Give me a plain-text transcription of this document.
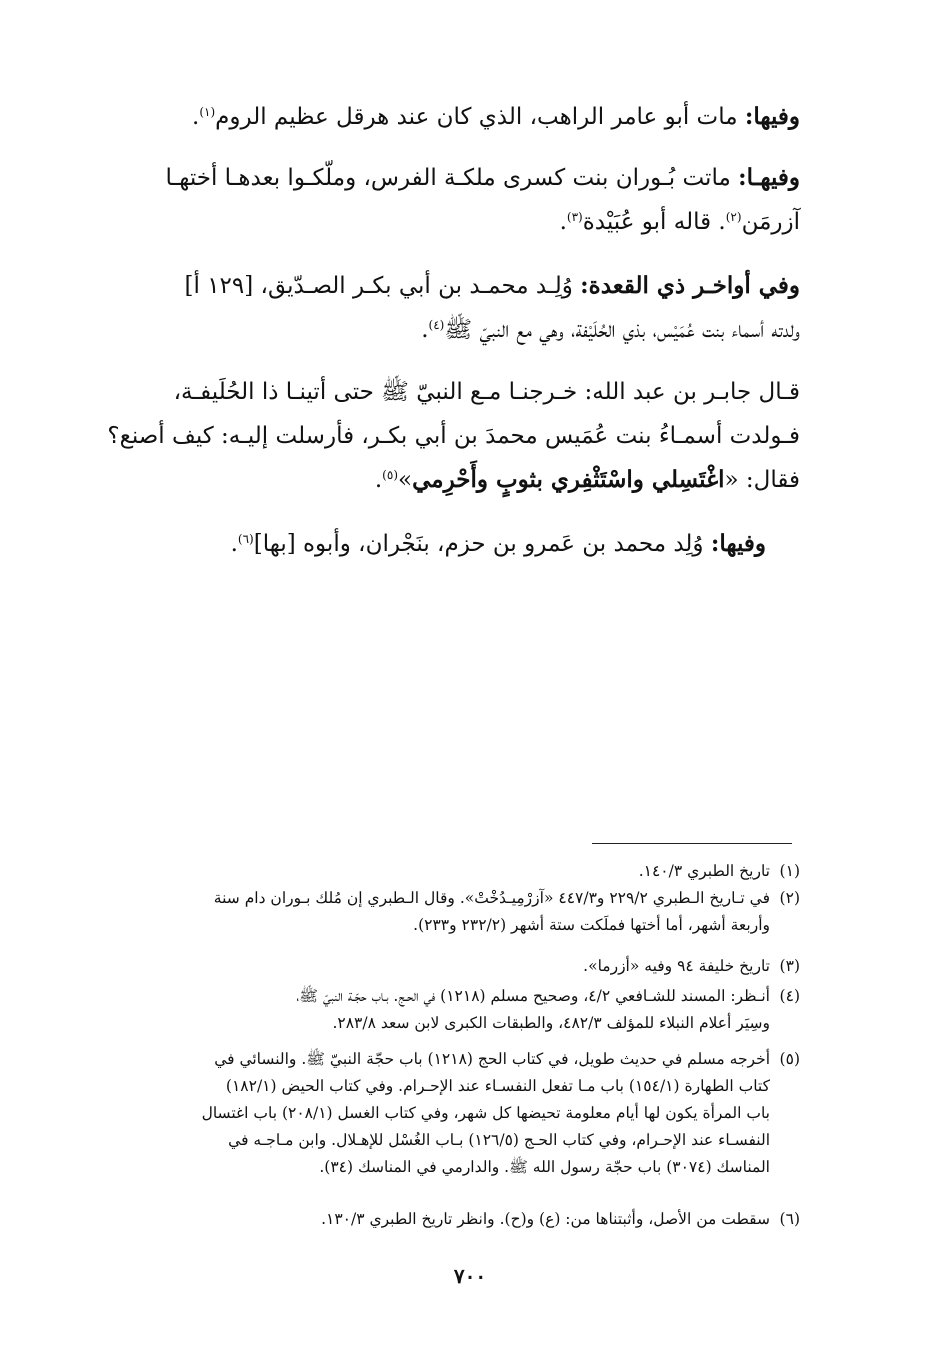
وفيها: مات أبو عامر الراهب، الذي كان عند هرقل عظيم الروم$^{(١)}$.
وفيهـا: ماتت بُـوران بنت كسرى ملكـة الفرس، وملّكـوا بعدهـا أختهـا
آزرمَن$^{(٢)}$. قاله أبو عُبَيْدة$^{(٣)}$.
وفي أواخـر ذي القعدة: وُلِـد محمـد بن أبي بكـر الصـدّيق، [١٢٩ أ]
ولدته أسماء بنت عُمَيْس، بذي الحُلَيْفة، وهي مع النبيّ ﷺ$^{(٤)}$.
قـال جابـر بن عبد الله: خـرجنـا مـع النبيّ ﷺ حتى أتينـا ذا الحُلَيفـة،
فـولدت أسمـاءُ بنت عُمَيس محمدَ بن أبي بكـر، فأرسلت إليـه: كيف أصنع؟
فقال: «اغْتَسِلي واسْتَثْفِري بثوبٍ وأَحْرِمي»$^{(٥)}$.
وفيها: وُلِد محمد بن عَمرو بن حزم، بنَجْران، وأبوه [بها]$^{(٦)}$.
(١)
تاريخ الطبري ١٤٠/٣.
(٢)
في تـاريخ الـطبري ٢٢٩/٢ و٤٤٧/٣ «آزرْمِيـدُخْتْ». وقال الـطبري إن مُلك بـوران دام سنة
وأربعة أشهر، أما أختها فملَكت ستة أشهر (٢٣٢/٢ و٢٣٣).
(٣)
تاريخ خليفة ٩٤ وفيه «أزرما».
(٤)
أنـظر: المسند للشـافعي ٤/٢، وصحيح مسلم (١٢١٨) في الحـج. بـاب حجّـة النبيّ ﷺ،
وسِيَر أعلام النبلاء للمؤلف ٤٨٢/٣، والطبقات الكبرى لابن سعد ٢٨٣/٨.
(٥)
أخرجه مسلم في حديث طويل، في كتاب الحج (١٢١٨) باب حجّة النبيّ ﷺ. والنسائي في
كتاب الطهارة (١٥٤/١) باب مـا تفعل النفسـاء عند الإحـرام. وفي كتاب الحيض (١٨٢/١)
باب المرأة يكون لها أيام معلومة تحيضها كل شهر، وفي كتاب الغسل (٢٠٨/١) باب اغتسال
النفسـاء عند الإحـرام، وفي كتاب الحـج (١٢٦/٥) بـاب الغُسْل للإهـلال. وابن مـاجـه في
المناسك (٣٠٧٤) باب حجّة رسول الله ﷺ. والدارمي في المناسك (٣٤).
(٦)
سقطت من الأصل، وأثبتناها من: (ع) و(ح). وانظر تاريخ الطبري ١٣٠/٣.
٧٠٠
